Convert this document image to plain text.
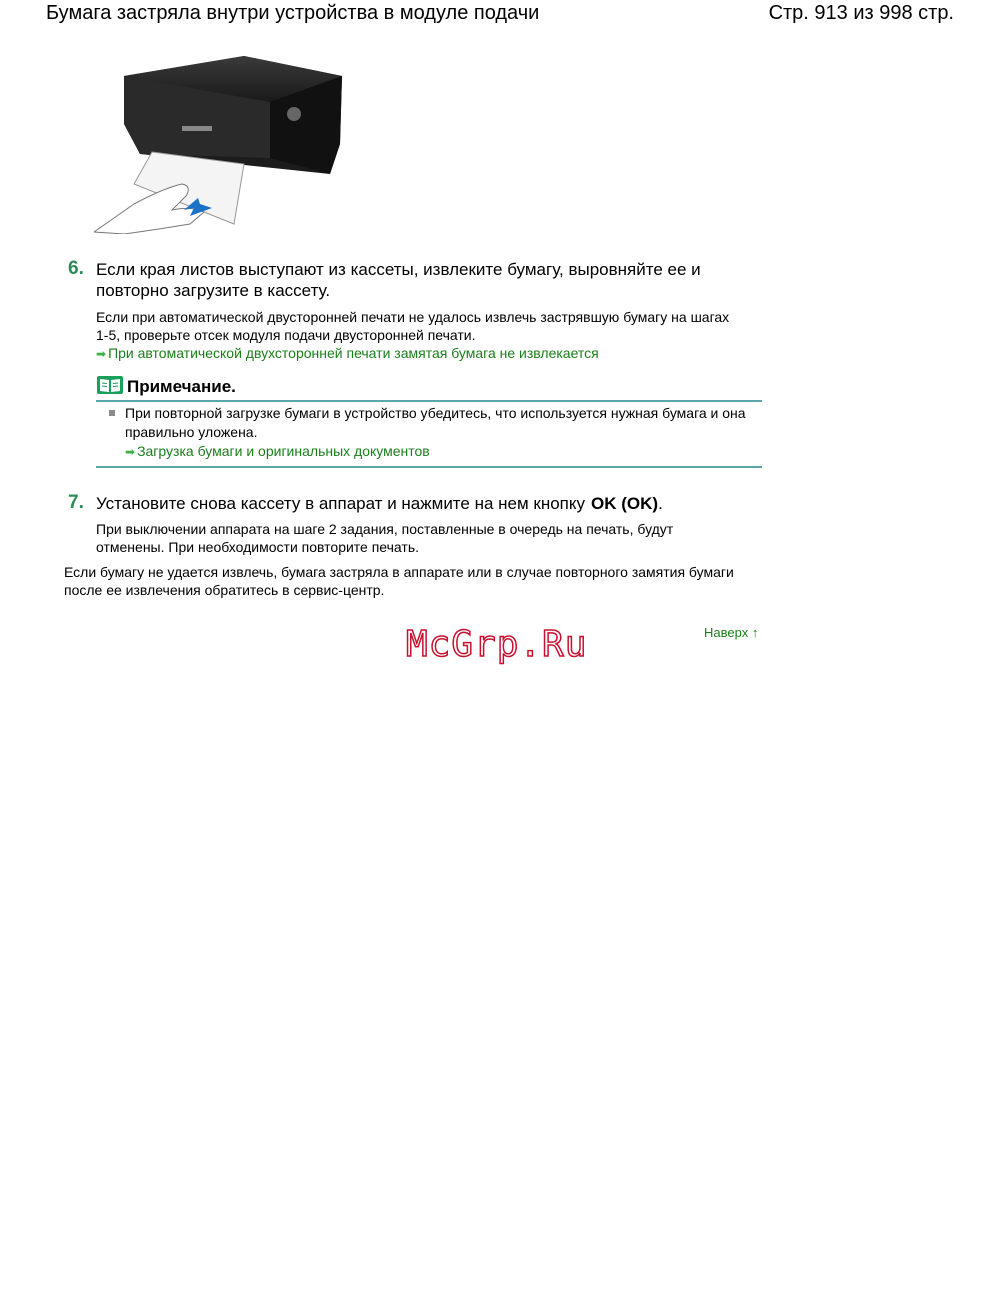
Бумага застряла внутри устройства в модуле подачи	Стр. 913 из 998 стр.
6. Если края листов выступают из кассеты, извлеките бумагу, выровняйте ее и повторно загрузите в кассету.
Если при автоматической двусторонней печати не удалось извлечь застрявшую бумагу на шагах 1-5, проверьте отсек модуля подачи двусторонней печати.
➡ При автоматической двухсторонней печати замятая бумага не извлекается
Примечание.
При повторной загрузке бумаги в устройство убедитесь, что используется нужная бумага и она правильно уложена.
➡ Загрузка бумаги и оригинальных документов
7. Установите снова кассету в аппарат и нажмите на нем кнопку OK (OK).
При выключении аппарата на шаге 2 задания, поставленные в очередь на печать, будут отменены. При необходимости повторите печать.
Если бумагу не удается извлечь, бумага застряла в аппарате или в случае повторного замятия бумаги после ее извлечения обратитесь в сервис-центр.
McGrp.Ru	Наверх ↑
